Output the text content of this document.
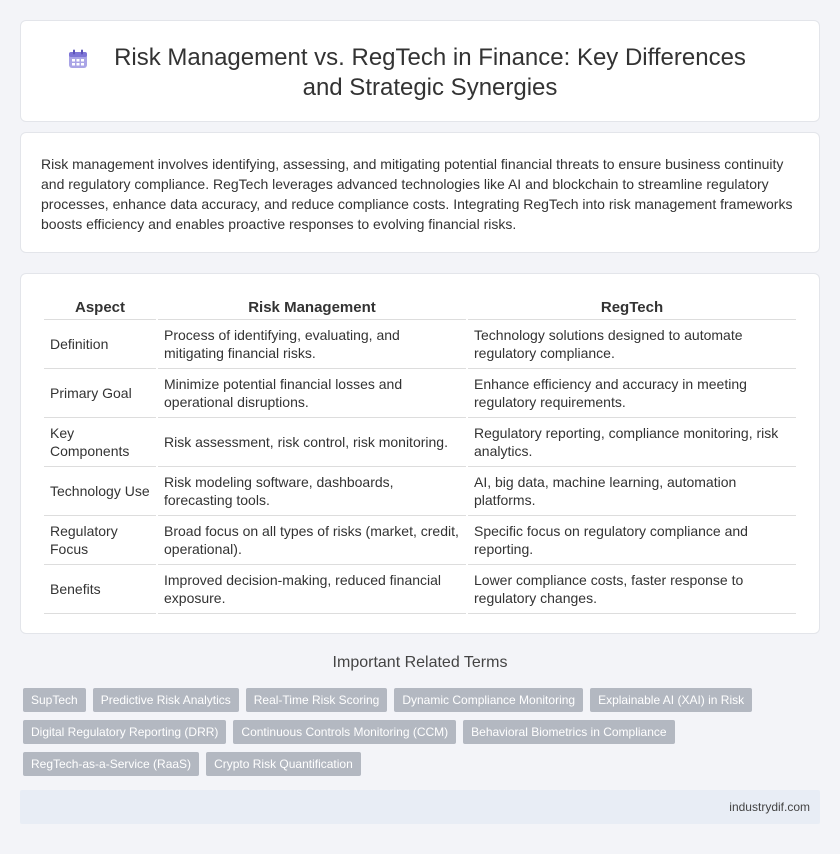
Risk Management vs. RegTech in Finance: Key Differences and Strategic Synergies

Risk management involves identifying, assessing, and mitigating potential financial threats to ensure business continuity and regulatory compliance. RegTech leverages advanced technologies like AI and blockchain to streamline regulatory processes, enhance data accuracy, and reduce compliance costs. Integrating RegTech into risk management frameworks boosts efficiency and enables proactive responses to evolving financial risks.

Aspect	Risk Management	RegTech
Definition	Process of identifying, evaluating, and mitigating financial risks.	Technology solutions designed to automate regulatory compliance.
Primary Goal	Minimize potential financial losses and operational disruptions.	Enhance efficiency and accuracy in meeting regulatory requirements.
Key Components	Risk assessment, risk control, risk monitoring.	Regulatory reporting, compliance monitoring, risk analytics.
Technology Use	Risk modeling software, dashboards, forecasting tools.	AI, big data, machine learning, automation platforms.
Regulatory Focus	Broad focus on all types of risks (market, credit, operational).	Specific focus on regulatory compliance and reporting.
Benefits	Improved decision-making, reduced financial exposure.	Lower compliance costs, faster response to regulatory changes.
Important Related Terms
SupTech	Predictive Risk Analytics	Real-Time Risk Scoring	Dynamic Compliance Monitoring	Explainable AI (XAI) in Risk
Digital Regulatory Reporting (DRR)	Continuous Controls Monitoring (CCM)	Behavioral Biometrics in Compliance
RegTech-as-a-Service (RaaS)	Crypto Risk Quantification
industrydif.com
